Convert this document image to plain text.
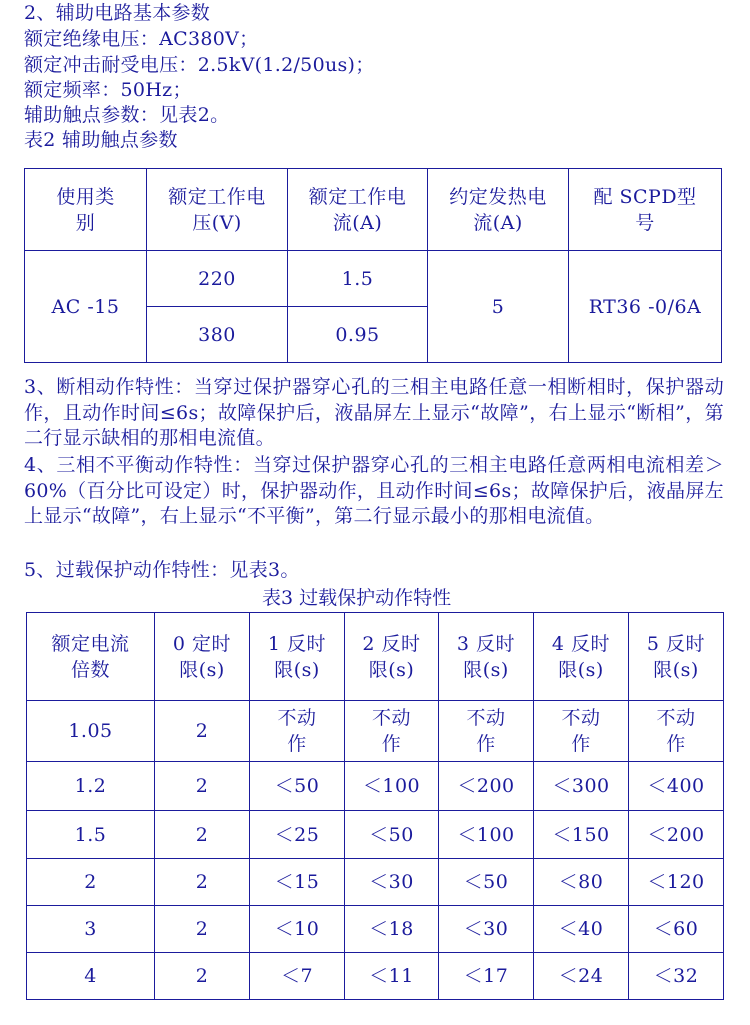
2、辅助电路基本参数
额定绝缘电压：AC380V；
额定冲击耐受电压：2.5kV(1.2/50us)；
额定频率：50Hz；
辅助触点参数：见表2。
表2 辅助触点参数
使用类别	额定工作电压(V)	额定工作电流(A)	约定发热电流(A)	配 SCPD型号
AC -15	220	1.5	5	RT36 -0/6A
	380	0.95		
3、断相动作特性：当穿过保护器穿心孔的三相主电路任意一相断相时，保护器动作，且动作时间≤6s；故障保护后，液晶屏左上显示“故障”，右上显示“断相”，第二行显示缺相的那相电流值。
4、三相不平衡动作特性：当穿过保护器穿心孔的三相主电路任意两相电流相差＞60%（百分比可设定）时，保护器动作，且动作时间≤6s；故障保护后，液晶屏左上显示“故障”，右上显示“不平衡”，第二行显示最小的那相电流值。
5、过载保护动作特性：见表3。
表3 过载保护动作特性
额定电流倍数	0 定时限(s)	1 反时限(s)	2 反时限(s)	3 反时限(s)	4 反时限(s)	5 反时限(s)
1.05	2	不动作	不动作	不动作	不动作	不动作
1.2	2	＜50	＜100	＜200	＜300	＜400
1.5	2	＜25	＜50	＜100	＜150	＜200
2	2	＜15	＜30	＜50	＜80	＜120
3	2	＜10	＜18	＜30	＜40	＜60
4	2	＜7	＜11	＜17	＜24	＜32
